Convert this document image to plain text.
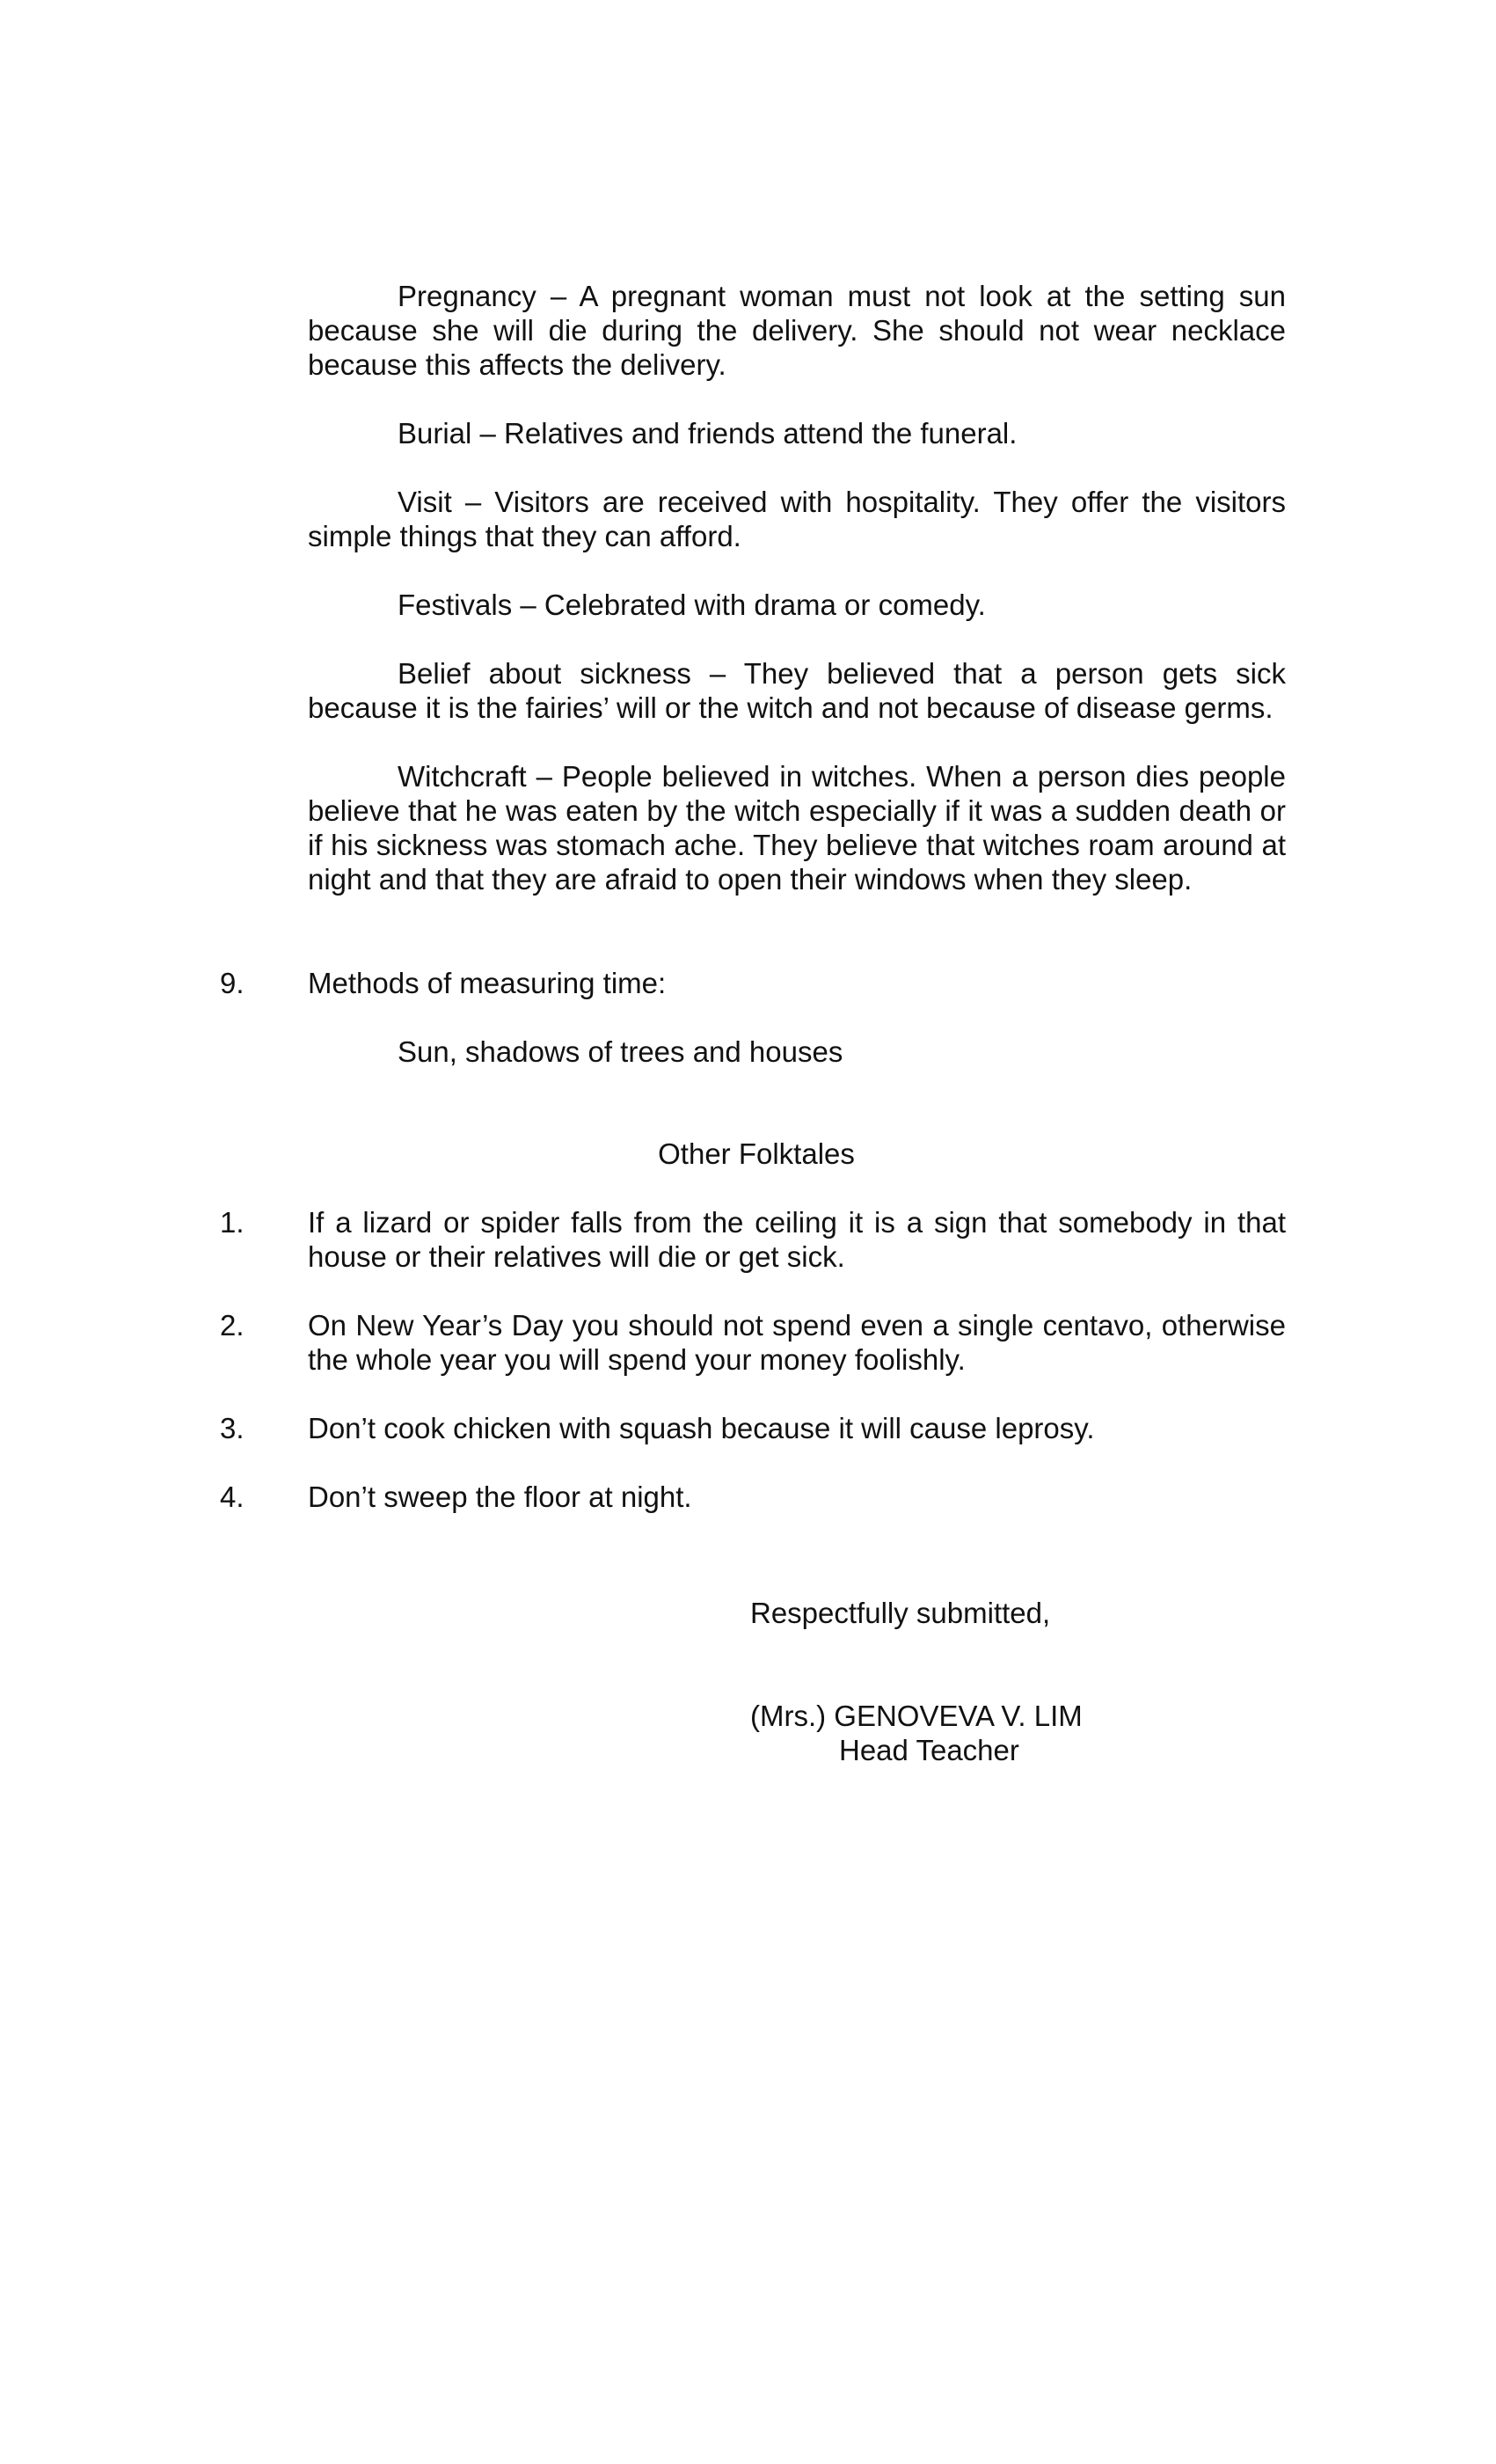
Pregnancy – A pregnant woman must not look at the setting sun because she will die during the delivery. She should not wear necklace because this affects the delivery.

Burial – Relatives and friends attend the funeral.

Visit – Visitors are received with hospitality. They offer the visitors simple things that they can afford.

Festivals – Celebrated with drama or comedy.

Belief about sickness – They believed that a person gets sick because it is the fairies’ will or the witch and not because of disease germs.

Witchcraft – People believed in witches. When a person dies people believe that he was eaten by the witch especially if it was a sudden death or if his sickness was stomach ache. They believe that witches roam around at night and that they are afraid to open their windows when they sleep.

9. Methods of measuring time:

Sun, shadows of trees and houses

Other Folktales

1. If a lizard or spider falls from the ceiling it is a sign that somebody in that house or their relatives will die or get sick.

2. On New Year’s Day you should not spend even a single centavo, otherwise the whole year you will spend your money foolishly.

3. Don’t cook chicken with squash because it will cause leprosy.

4. Don’t sweep the floor at night.

Respectfully submitted,

(Mrs.) GENOVEVA V. LIM

Head Teacher
